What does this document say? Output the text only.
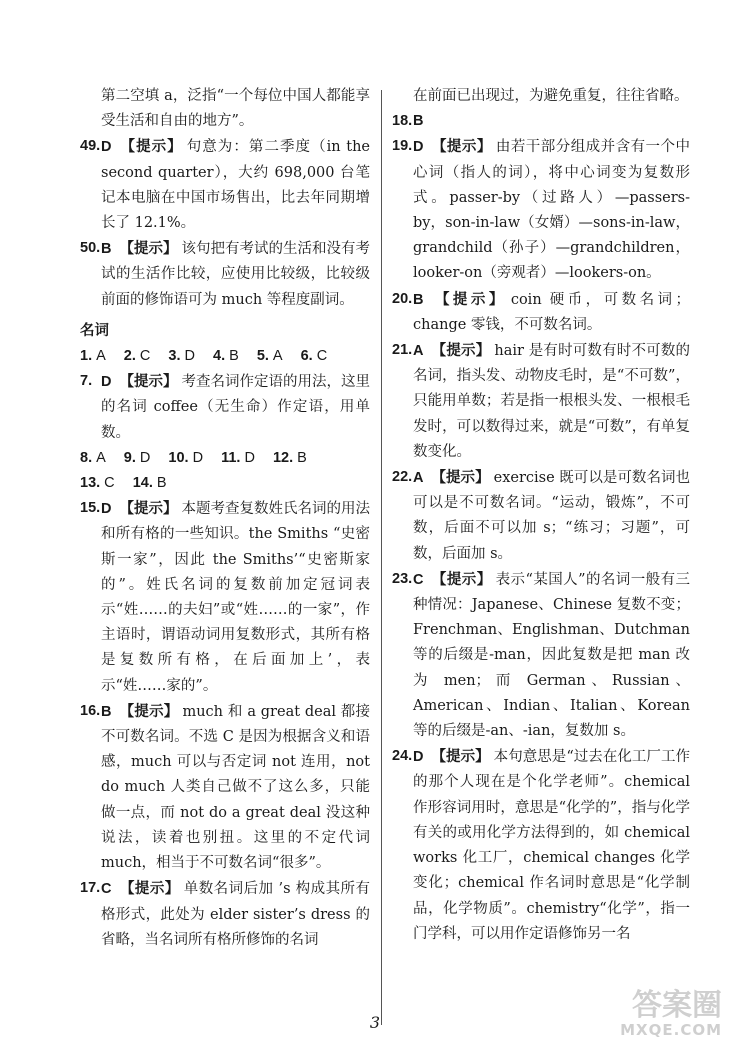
第二空填 a，泛指“一个每位中国人都能享受生活和自由的地方”。
49. D 【提示】 句意为：第二季度（in the second quarter），大约 698,000 台笔记本电脑在中国市场售出，比去年同期增长了 12.1%。
50. B 【提示】 该句把有考试的生活和没有考试的生活作比较，应使用比较级，比较级前面的修饰语可为 much 等程度副词。
名词
1. A 2. C 3. D 4. B 5. A 6. C
7. D 【提示】 考查名词作定语的用法，这里的名词 coffee（无生命）作定语，用单数。
8. A 9. D 10. D 11. D 12. B
13. C 14. B
15. D 【提示】 本题考查复数姓氏名词的用法和所有格的一些知识。the Smiths “史密斯一家”，因此 the Smiths’“史密斯家的”。姓氏名词的复数前加定冠词表示“姓……的夫妇”或“姓……的一家”，作主语时，谓语动词用复数形式，其所有格是复数所有格，在后面加上’，表示“姓……家的”。
16. B 【提示】 much 和 a great deal 都接不可数名词。不选 C 是因为根据含义和语感，much 可以与否定词 not 连用，not do much 人类自己做不了这么多，只能做一点，而 not do a great deal 没这种说法，读着也别扭。这里的不定代词 much，相当于不可数名词“很多”。
17. C 【提示】 单数名词后加 ’s 构成其所有格形式，此处为 elder sister’s dress 的省略，当名词所有格所修饰的名词
在前面已出现过，为避免重复，往往省略。
18. B
19. D 【提示】 由若干部分组成并含有一个中心词（指人的词），将中心词变为复数形式。passer-by（过路人）—passers-by，son-in-law（女婿）—sons-in-law，grandchild（孙子）—grandchildren，looker-on（旁观者）—lookers-on。
20. B 【提示】 coin 硬币，可数名词；change 零钱，不可数名词。
21. A 【提示】 hair 是有时可数有时不可数的名词，指头发、动物皮毛时，是“不可数”，只能用单数；若是指一根根头发、一根根毛发时，可以数得过来，就是“可数”，有单复数变化。
22. A 【提示】 exercise 既可以是可数名词也可以是不可数名词。“运动，锻炼”，不可数，后面不可以加 s；“练习；习题”，可数，后面加 s。
23. C 【提示】 表示“某国人”的名词一般有三种情况：Japanese、Chinese 复数不变；Frenchman、Englishman、Dutchman 等的后缀是-man，因此复数是把 man 改为 men；而 German、Russian、American、Indian、Italian、Korean 等的后缀是-an、-ian，复数加 s。
24. D 【提示】 本句意思是“过去在化工厂工作的那个人现在是个化学老师”。chemical 作形容词用时，意思是“化学的”，指与化学有关的或用化学方法得到的，如 chemical works 化工厂，chemical changes 化学变化；chemical 作名词时意思是“化学制品，化学物质”。chemistry“化学”，指一门学科，可以用作定语修饰另一名
3	答案圈
MXQE.COM
